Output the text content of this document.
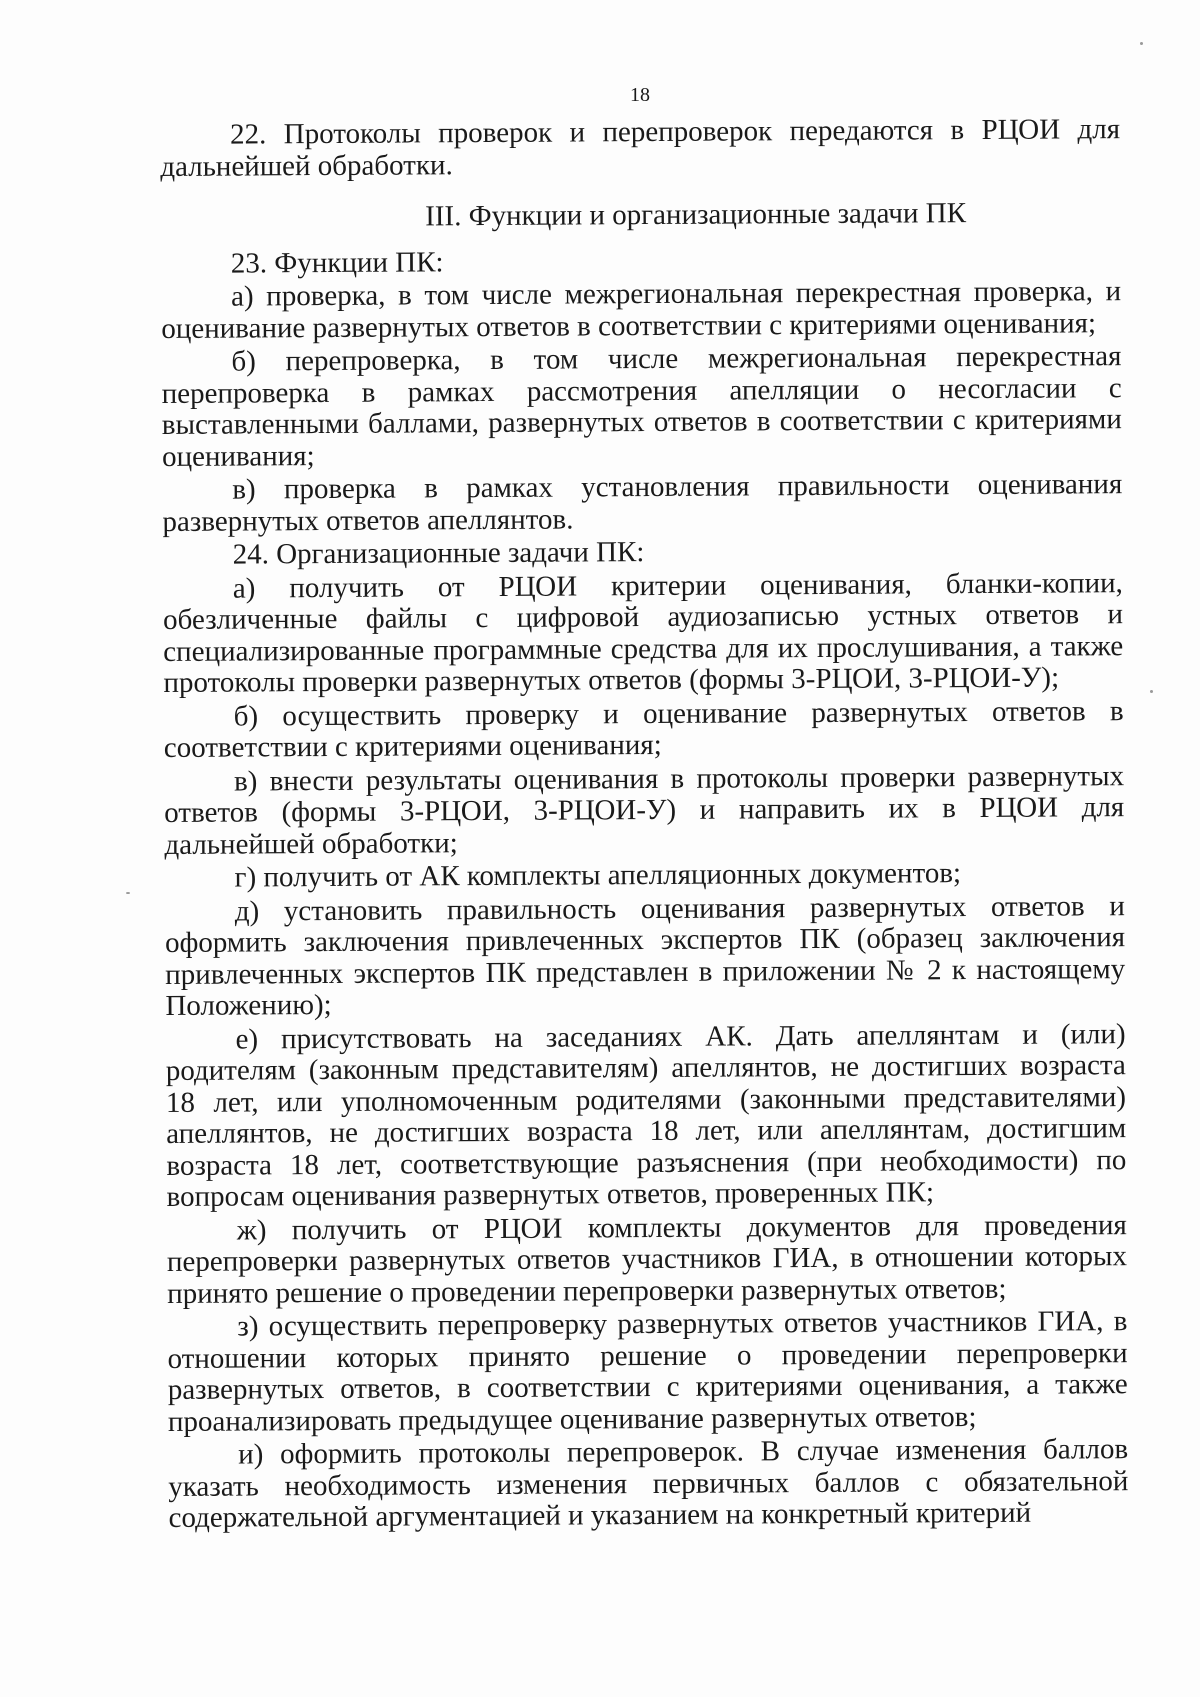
18

22. Протоколы проверок и перепроверок передаются в РЦОИ для дальнейшей обработки.

III. Функции и организационные задачи ПК

23. Функции ПК:

а) проверка, в том числе межрегиональная перекрестная проверка, и оценивание развернутых ответов в соответствии с критериями оценивания;

б) перепроверка, в том числе межрегиональная перекрестная перепроверка в рамках рассмотрения апелляции о несогласии с выставленными баллами, развернутых ответов в соответствии с критериями оценивания;

в) проверка в рамках установления правильности оценивания развернутых ответов апеллянтов.

24. Организационные задачи ПК:

а) получить от РЦОИ критерии оценивания, бланки-копии, обезличенные файлы с цифровой аудиозаписью устных ответов и специализированные программные средства для их прослушивания, а также протоколы проверки развернутых ответов (формы 3-РЦОИ, 3-РЦОИ-У);

б) осуществить проверку и оценивание развернутых ответов в соответствии с критериями оценивания;

в) внести результаты оценивания в протоколы проверки развернутых ответов (формы 3-РЦОИ, 3-РЦОИ-У) и направить их в РЦОИ для дальнейшей обработки;

г) получить от АК комплекты апелляционных документов;

д) установить правильность оценивания развернутых ответов и оформить заключения привлеченных экспертов ПК (образец заключения привлеченных экспертов ПК представлен в приложении № 2 к настоящему Положению);

е) присутствовать на заседаниях АК. Дать апеллянтам и (или) родителям (законным представителям) апеллянтов, не достигших возраста 18 лет, или уполномоченным родителями (законными представителями) апеллянтов, не достигших возраста 18 лет, или апеллянтам, достигшим возраста 18 лет, соответствующие разъяснения (при необходимости) по вопросам оценивания развернутых ответов, проверенных ПК;

ж) получить от РЦОИ комплекты документов для проведения перепроверки развернутых ответов участников ГИА, в отношении которых принято решение о проведении перепроверки развернутых ответов;

з) осуществить перепроверку развернутых ответов участников ГИА, в отношении которых принято решение о проведении перепроверки развернутых ответов, в соответствии с критериями оценивания, а также проанализировать предыдущее оценивание развернутых ответов;

и) оформить протоколы перепроверок. В случае изменения баллов указать необходимость изменения первичных баллов с обязательной содержательной аргументацией и указанием на конкретный критерий
